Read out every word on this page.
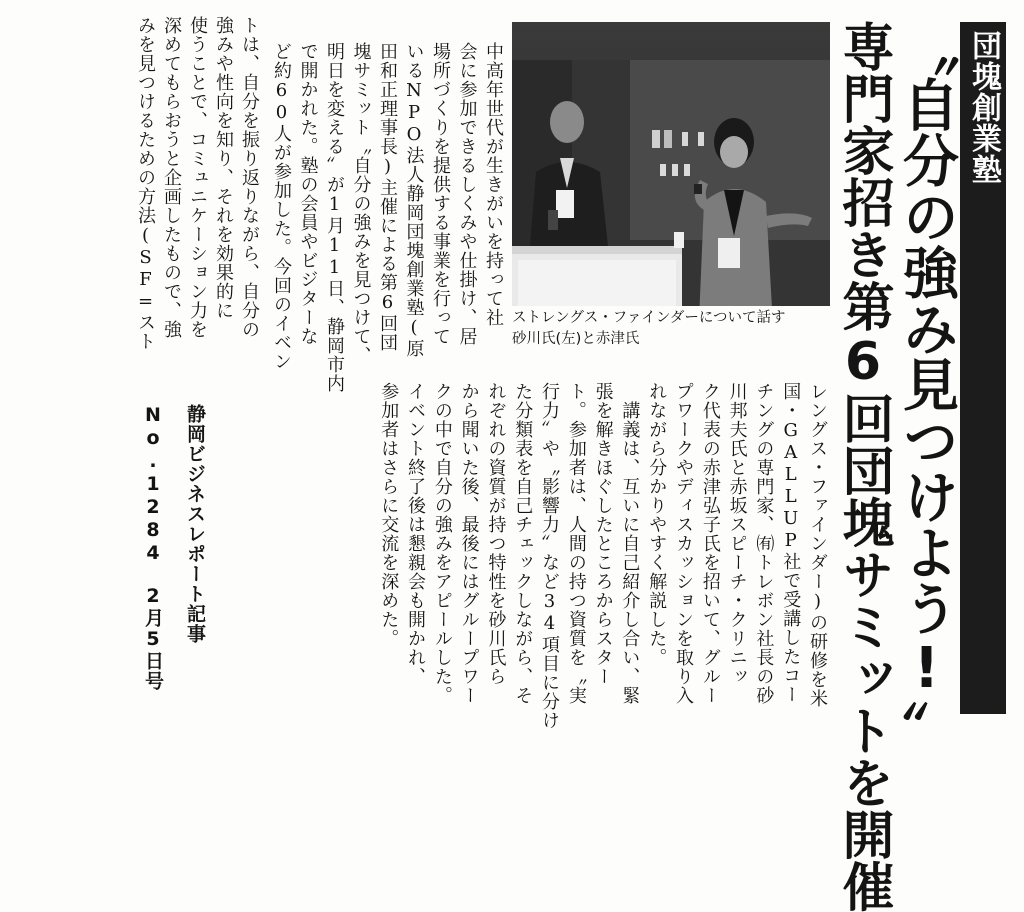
団塊創業塾

〝自分の強み見つけよう!〟
専門家招き第6回団塊サミットを開催

ストレングス・ファインダーについて話す
砂川氏(左)と赤津氏

中高年世代が生きがいを持って社
会に参加できるしくみや仕掛け、居
場所づくりを提供する事業を行って
いるNPO法人静岡団塊創業塾(原
田和正理事長)主催による第6回団
塊サミット〝自分の強みを見つけて、
明日を変える〟が1月11日、静岡市内
で開かれた。塾の会員やビジターな
ど約60人が参加した。今回のイベン

トは、自分を振り返りながら、自分の
強みや性向を知り、それを効果的に
使うことで、コミュニケーション力を
深めてもらおうと企画したもので、強
みを見つけるための方法(SF=スト

レングス・ファインダー)の研修を米
国・GALLUP社で受講したコー
チングの専門家、㈲トレボン社長の砂
川邦夫氏と赤坂スピーチ・クリニッ
ク代表の赤津弘子氏を招いて、グルー
プワークやディスカッションを取り入
れながら分かりやすく解説した。
　講義は、互いに自己紹介し合い、緊
張を解きほぐしたところからスター
ト。参加者は、人間の持つ資質を〝実
行力〟や〝影響力〟など34項目に分け
た分類表を自己チェックしながら、そ
れぞれの資質が持つ特性を砂川氏ら
から聞いた後、最後にはグループワー
クの中で自分の強みをアピールした。
イベント終了後は懇親会も開かれ、
参加者はさらに交流を深めた。

静岡ビジネスレポート記事
No.1284　2月5日号
